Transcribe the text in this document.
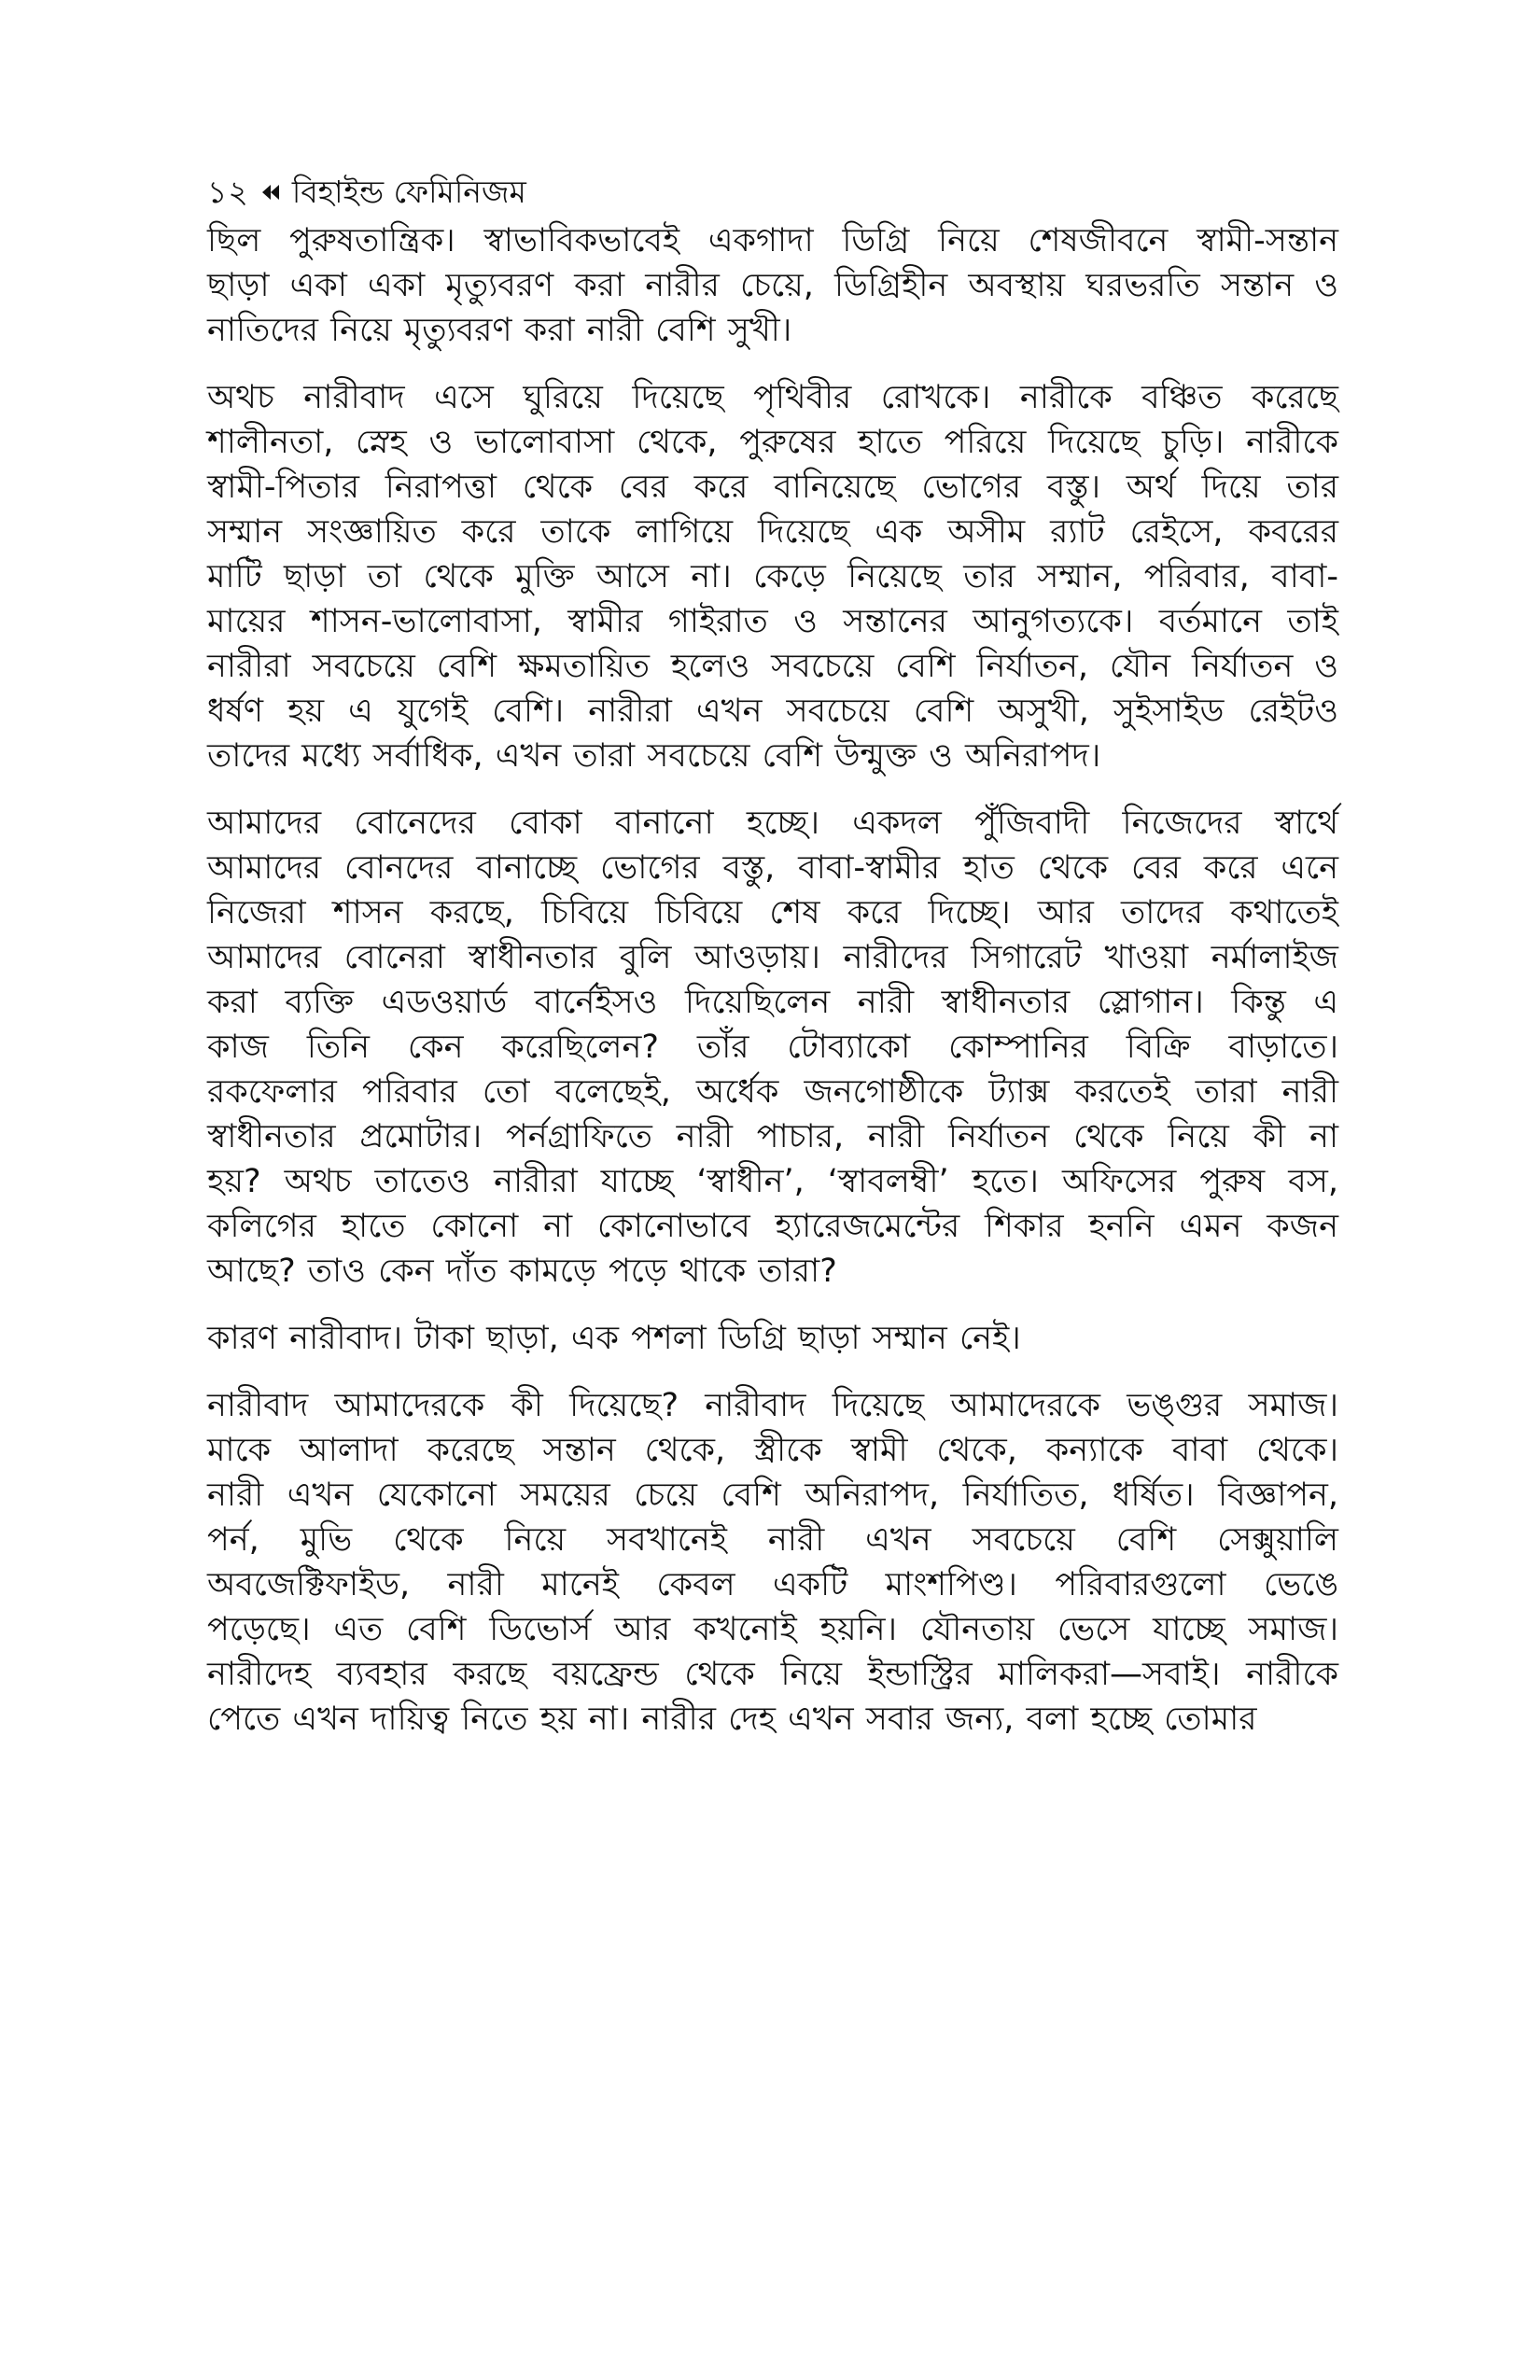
১২ বিহাইন্ড ফেমিনিজম

ছিল পুরুষতান্ত্রিক। স্বাভাবিকভাবেই একগাদা ডিগ্রি নিয়ে শেষজীবনে স্বামী-সন্তান
ছাড়া একা একা মৃত্যুবরণ করা নারীর চেয়ে, ডিগ্রিহীন অবস্থায় ঘরভরতি সন্তান ও
নাতিদের নিয়ে মৃত্যুবরণ করা নারী বেশি সুখী।

অথচ নারীবাদ এসে ঘুরিয়ে দিয়েছে পৃথিবীর রোখকে। নারীকে বঞ্চিত করেছে
শালীনতা, স্নেহ ও ভালোবাসা থেকে, পুরুষের হাতে পরিয়ে দিয়েছে চুড়ি। নারীকে
স্বামী-পিতার নিরাপত্তা থেকে বের করে বানিয়েছে ভোগের বস্তু। অর্থ দিয়ে তার
সম্মান সংজ্ঞায়িত করে তাকে লাগিয়ে দিয়েছে এক অসীম র‍্যাট রেইসে, কবরের
মাটি ছাড়া তা থেকে মুক্তি আসে না। কেড়ে নিয়েছে তার সম্মান, পরিবার, বাবা-
মায়ের শাসন-ভালোবাসা, স্বামীর গাইরাত ও সন্তানের আনুগত্যকে। বর্তমানে তাই
নারীরা সবচেয়ে বেশি ক্ষমতায়িত হলেও সবচেয়ে বেশি নির্যাতন, যৌন নির্যাতন ও
ধর্ষণ হয় এ যুগেই বেশি। নারীরা এখন সবচেয়ে বেশি অসুখী, সুইসাইড রেইটও
তাদের মধ্যে সর্বাধিক, এখন তারা সবচেয়ে বেশি উন্মুক্ত ও অনিরাপদ।

আমাদের বোনেদের বোকা বানানো হচ্ছে। একদল পুঁজিবাদী নিজেদের স্বার্থে
আমাদের বোনদের বানাচ্ছে ভোগের বস্তু, বাবা-স্বামীর হাত থেকে বের করে এনে
নিজেরা শাসন করছে, চিবিয়ে চিবিয়ে শেষ করে দিচ্ছে। আর তাদের কথাতেই
আমাদের বোনেরা স্বাধীনতার বুলি আওড়ায়। নারীদের সিগারেট খাওয়া নর্মালাইজ
করা ব্যক্তি এডওয়ার্ড বার্নেইসও দিয়েছিলেন নারী স্বাধীনতার স্লোগান। কিন্তু এ
কাজ তিনি কেন করেছিলেন? তাঁর টোব্যাকো কোম্পানির বিক্রি বাড়াতে।
রকফেলার পরিবার তো বলেছেই, অর্ধেক জনগোষ্ঠীকে ট্যাক্স করতেই তারা নারী
স্বাধীনতার প্রমোটার। পর্নগ্রাফিতে নারী পাচার, নারী নির্যাতন থেকে নিয়ে কী না
হয়? অথচ তাতেও নারীরা যাচ্ছে ‘স্বাধীন’, ‘স্বাবলম্বী’ হতে। অফিসের পুরুষ বস,
কলিগের হাতে কোনো না কোনোভাবে হ্যারেজমেন্টের শিকার হননি এমন কজন
আছে? তাও কেন দাঁত কামড়ে পড়ে থাকে তারা?

কারণ নারীবাদ। টাকা ছাড়া, এক পশলা ডিগ্রি ছাড়া সম্মান নেই।

নারীবাদ আমাদেরকে কী দিয়েছে? নারীবাদ দিয়েছে আমাদেরকে ভঙ্গুর সমাজ।
মাকে আলাদা করেছে সন্তান থেকে, স্ত্রীকে স্বামী থেকে, কন্যাকে বাবা থেকে।
নারী এখন যেকোনো সময়ের চেয়ে বেশি অনিরাপদ, নির্যাতিত, ধর্ষিত। বিজ্ঞাপন,
পর্ন, মুভি থেকে নিয়ে সবখানেই নারী এখন সবচেয়ে বেশি সেক্সুয়ালি
অবজেক্টিফাইড, নারী মানেই কেবল একটি মাংশপিণ্ড। পরিবারগুলো ভেঙে
পড়েছে। এত বেশি ডিভোর্স আর কখনোই হয়নি। যৌনতায় ভেসে যাচ্ছে সমাজ।
নারীদেহ ব্যবহার করছে বয়ফ্রেন্ড থেকে নিয়ে ইন্ডাস্ট্রির মালিকরা—সবাই। নারীকে
পেতে এখন দায়িত্ব নিতে হয় না। নারীর দেহ এখন সবার জন্য, বলা হচ্ছে তোমার
